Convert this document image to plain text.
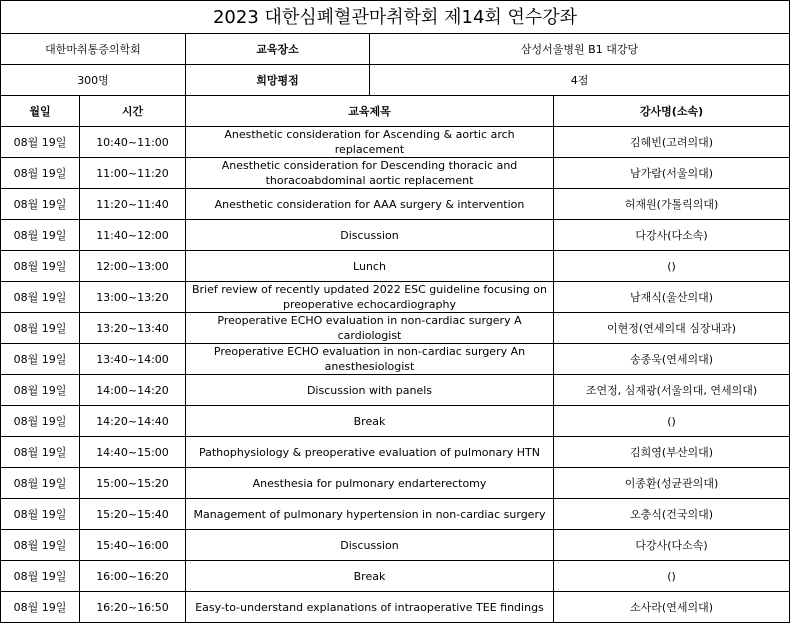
2023 대한심폐혈관마취학회 제14회 연수강좌				
대한마취통증의학회		교육장소	삼성서울병원 B1 대강당	
300명		희망평점	4점	
월일	시간	교육제목		강사명(소속)
08월 19일	10:40~11:00	Anesthetic consideration for Ascending & aortic arch replacement		김혜빈(고려의대)
08월 19일	11:00~11:20	Anesthetic consideration for Descending thoracic and thoracoabdominal aortic replacement		남가람(서울의대)
08월 19일	11:20~11:40	Anesthetic consideration for AAA surgery & intervention		허재원(가톨릭의대)
08월 19일	11:40~12:00	Discussion		다강사(다소속)
08월 19일	12:00~13:00	Lunch		()
08월 19일	13:00~13:20	Brief review of recently updated 2022 ESC guideline focusing on preoperative echocardiography		남재식(울산의대)
08월 19일	13:20~13:40	Preoperative ECHO evaluation in non-cardiac surgery A cardiologist		이현정(연세의대 심장내과)
08월 19일	13:40~14:00	Preoperative ECHO evaluation in non-cardiac surgery An anesthesiologist		송종욱(연세의대)
08월 19일	14:00~14:20	Discussion with panels		조연정, 심재광(서울의대, 연세의대)
08월 19일	14:20~14:40	Break		()
08월 19일	14:40~15:00	Pathophysiology & preoperative evaluation of pulmonary HTN		김희영(부산의대)
08월 19일	15:00~15:20	Anesthesia for pulmonary endarterectomy		이종환(성균관의대)
08월 19일	15:20~15:40	Management of pulmonary hypertension in non-cardiac surgery		오충식(건국의대)
08월 19일	15:40~16:00	Discussion		다강사(다소속)
08월 19일	16:00~16:20	Break		()
08월 19일	16:20~16:50	Easy-to-understand explanations of intraoperative TEE findings		소사라(연세의대)
